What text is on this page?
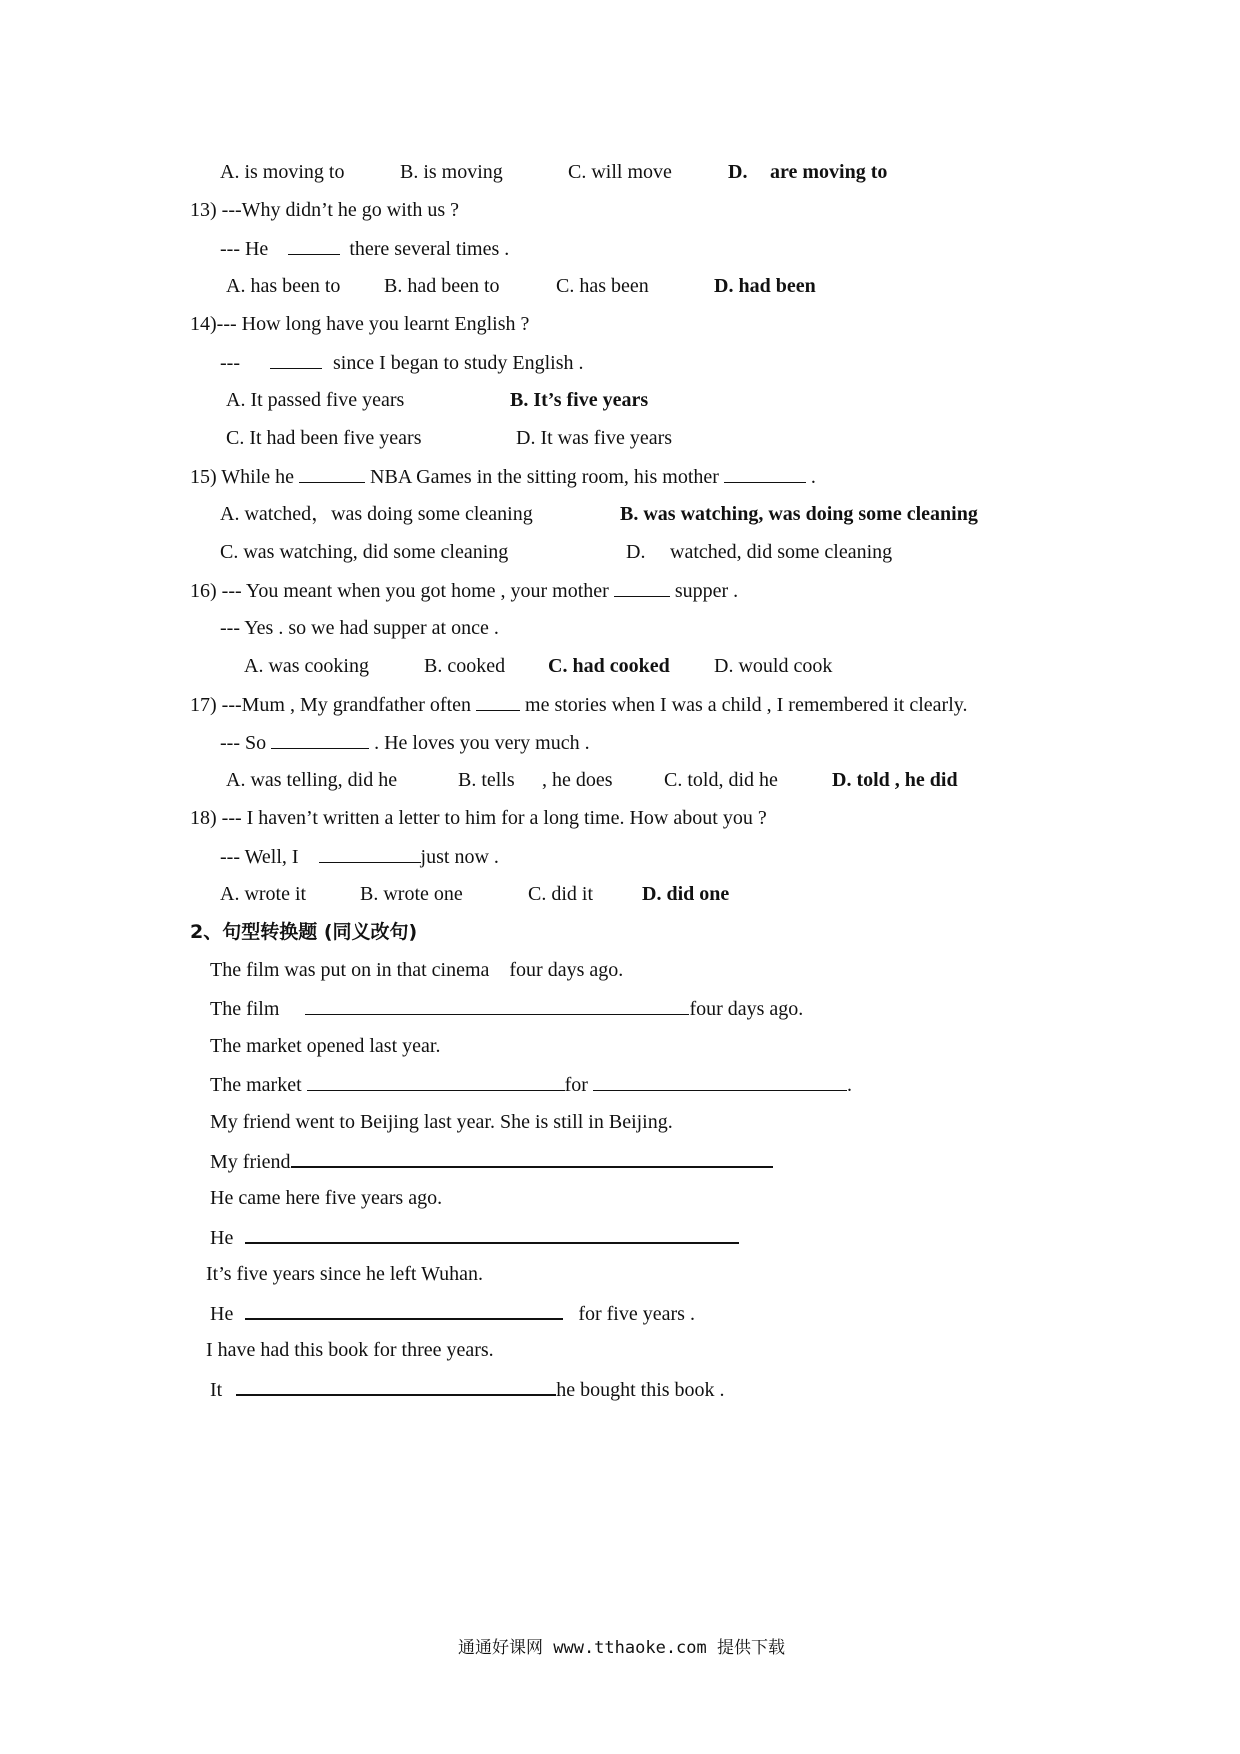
A. is moving to	B. is moving	C. will move	D. are moving to
13) ---Why didn’t he go with us ?
--- He	there several times .
A. has been to B. had been to	C. has been	D. had been
14)--- How long have you learnt English ?
---	since I began to study English .
A. It passed five years	B. It’s five years
C. It had been five years	D. It was five years
15) While he	NBA Games in the sitting room, his mother	.
A. watched，was doing some cleaning	B. was watching, was doing some cleaning
C. was watching, did some cleaning	D. watched, did some cleaning
16) --- You meant when you got home , your mother	supper .
--- Yes . so we had supper at once .
A. was cooking	B. cooked C. had cooked D. would cook
17) ---Mum , My grandfather often	me stories when I was a child , I remembered it clearly.
--- So	. He loves you very much .
A. was telling, did he	B. tells , he does	C. told, did he	D. told , he did
18) --- I haven’t written a letter to him for a long time. How about you ?
--- Well, I	just now .
A. wrote it	B. wrote one	C. did it D. did one
2、句型转换题 (同义改句)
The film was put on in that cinema    four days ago.
The film	four days ago.
The market opened last year.
The market	for	.
My friend went to Beijing last year. She is still in Beijing.
My friend
He came here five years ago.
He
It’s five years since he left Wuhan.
He	for five years .
I have had this book for three years.
It	he bought this book .
通通好课网 www.tthaoke.com 提供下载
